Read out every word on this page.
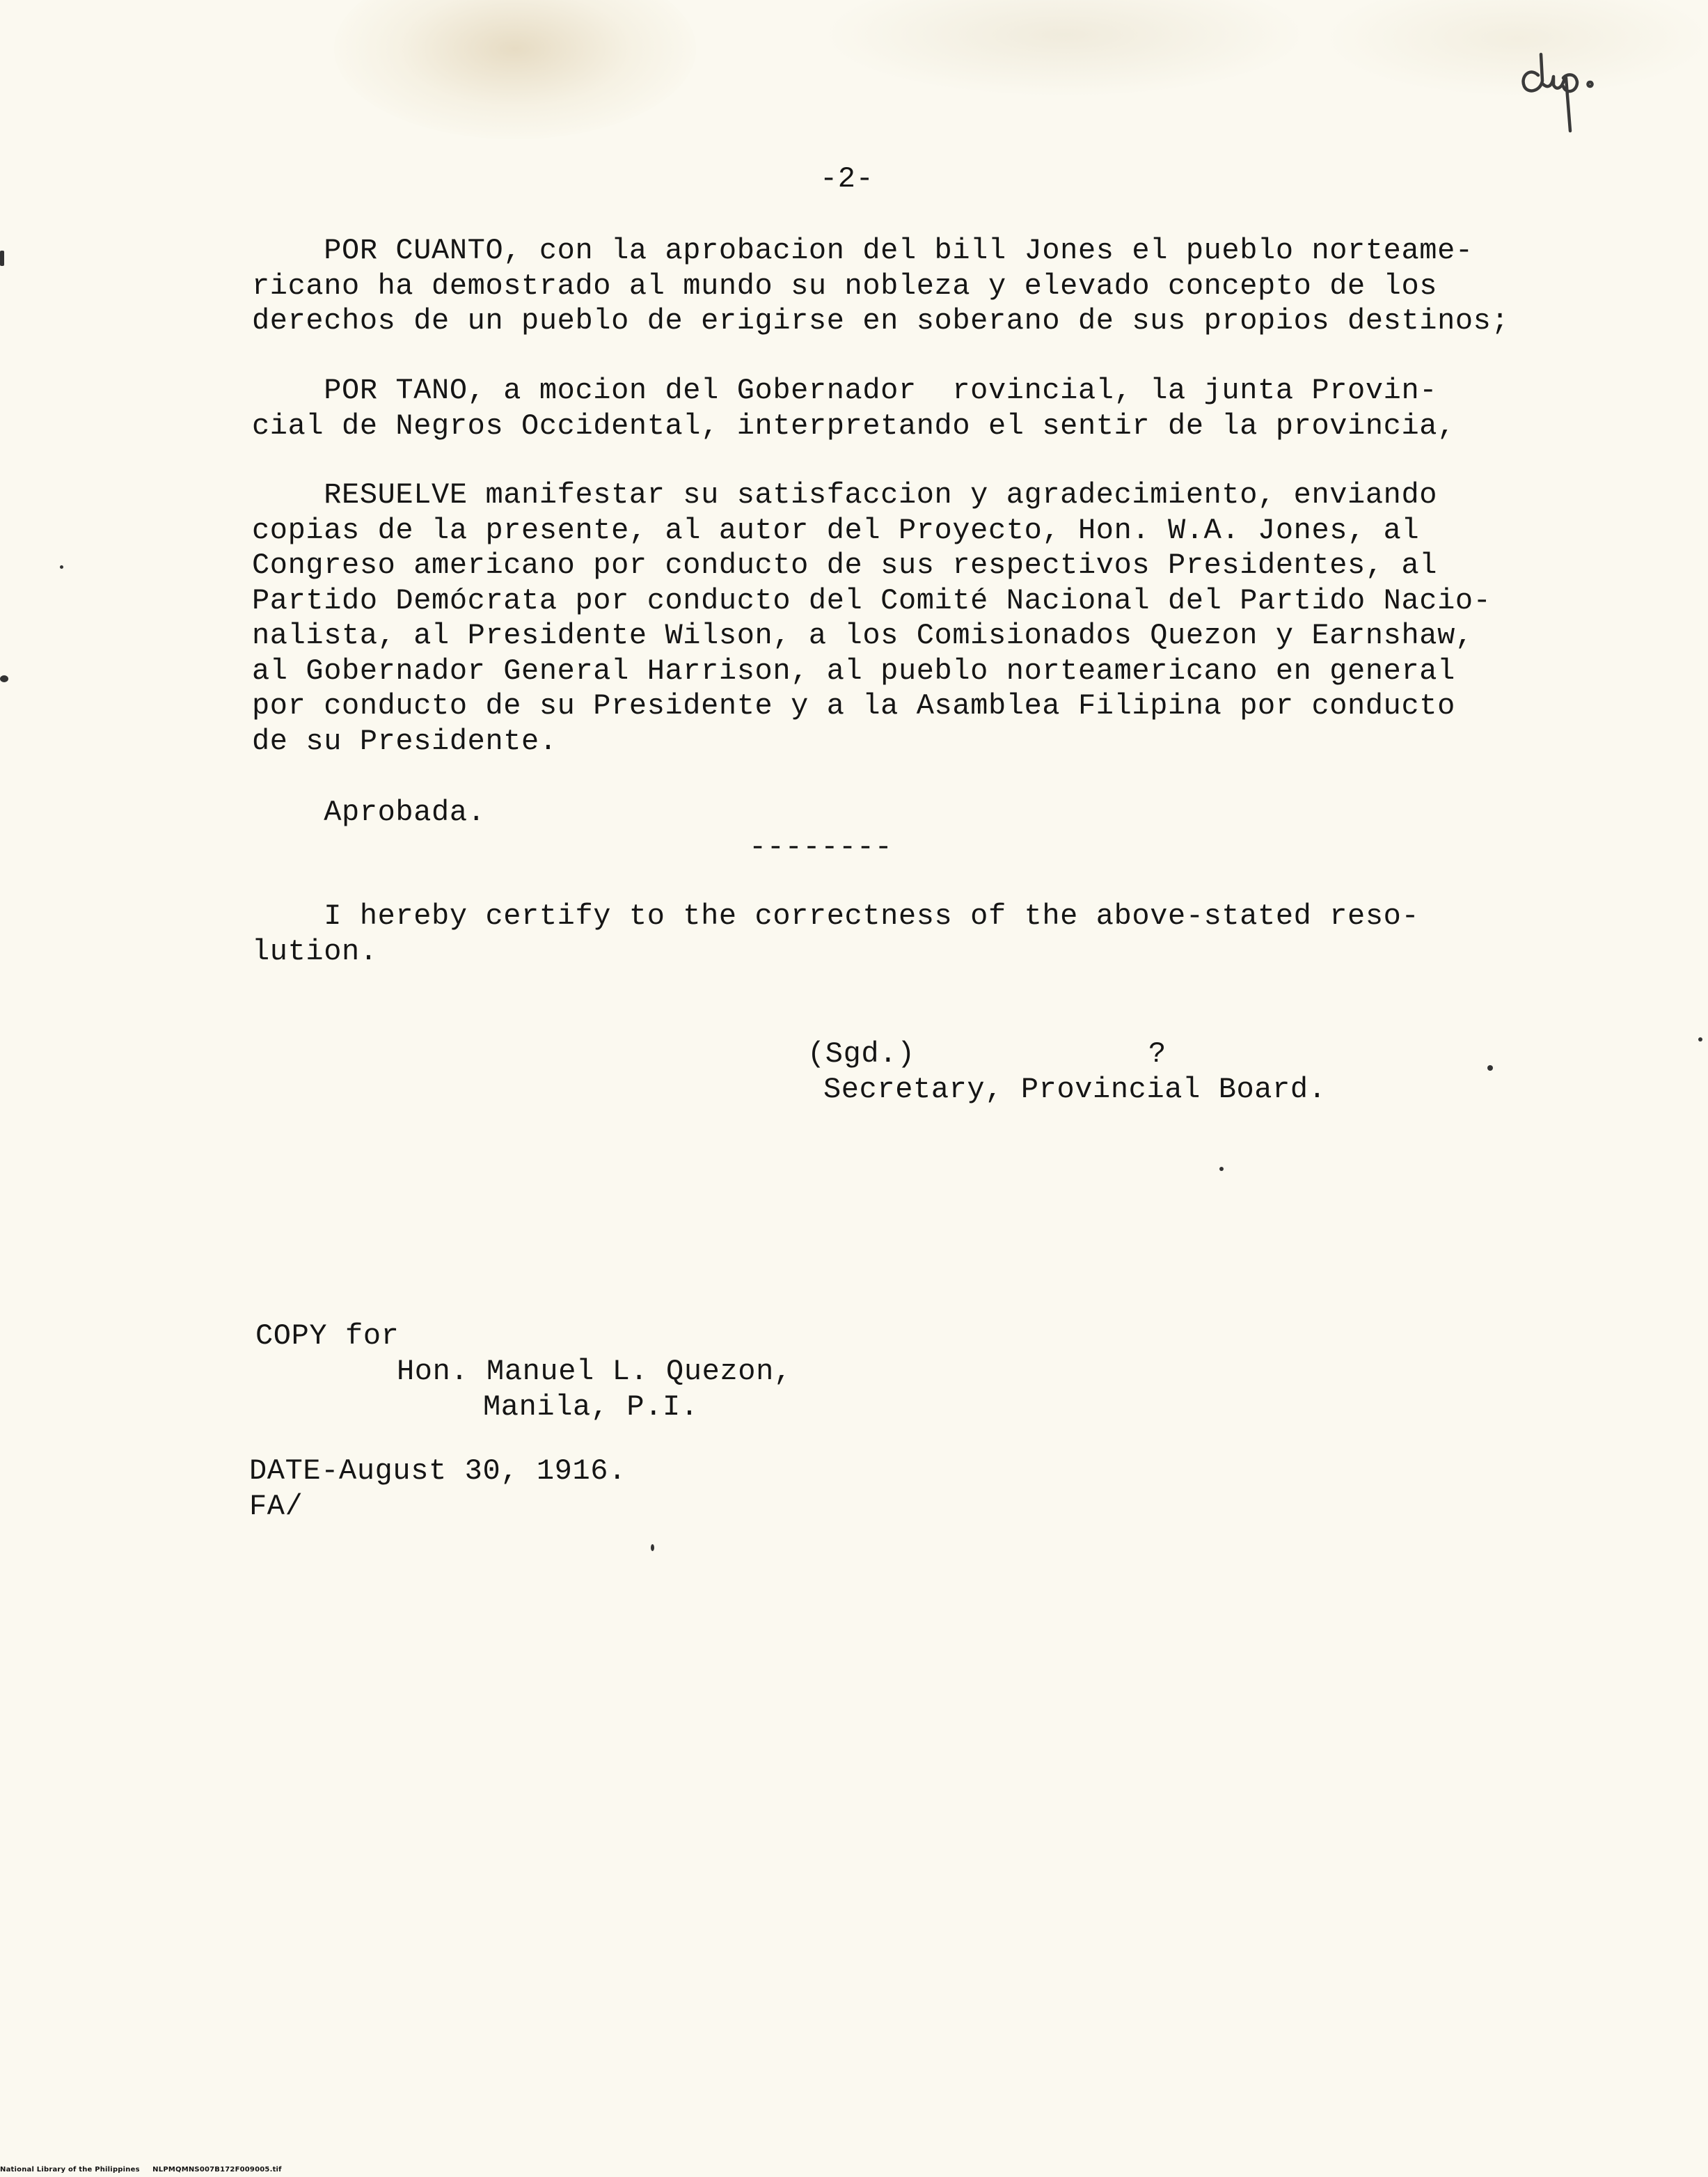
-2-
POR CUANTO, con la aprobacion del bill Jones el pueblo norteame-
ricano ha demostrado al mundo su nobleza y elevado concepto de los
derechos de un pueblo de erigirse en soberano de sus propios destinos;
POR TANO, a mocion del Gobernador  rovincial, la junta Provin-
cial de Negros Occidental, interpretando el sentir de la provincia,
RESUELVE manifestar su satisfaccion y agradecimiento, enviando
copias de la presente, al autor del Proyecto, Hon. W.A. Jones, al
Congreso americano por conducto de sus respectivos Presidentes, al
Partido Demócrata por conducto del Comité Nacional del Partido Nacio-
nalista, al Presidente Wilson, a los Comisionados Quezon y Earnshaw,
al Gobernador General Harrison, al pueblo norteamericano en general
por conducto de su Presidente y a la Asamblea Filipina por conducto
de su Presidente.
Aprobada.
--------
I hereby certify to the correctness of the above-stated reso-
lution.
(Sgd.)	?
Secretary, Provincial Board.
COPY for
Hon. Manuel L. Quezon,
Manila, P.I.
DATE-August 30, 1916.
FA/
National Library of the Philippines NLPMQMNS007B172F009005.tif
